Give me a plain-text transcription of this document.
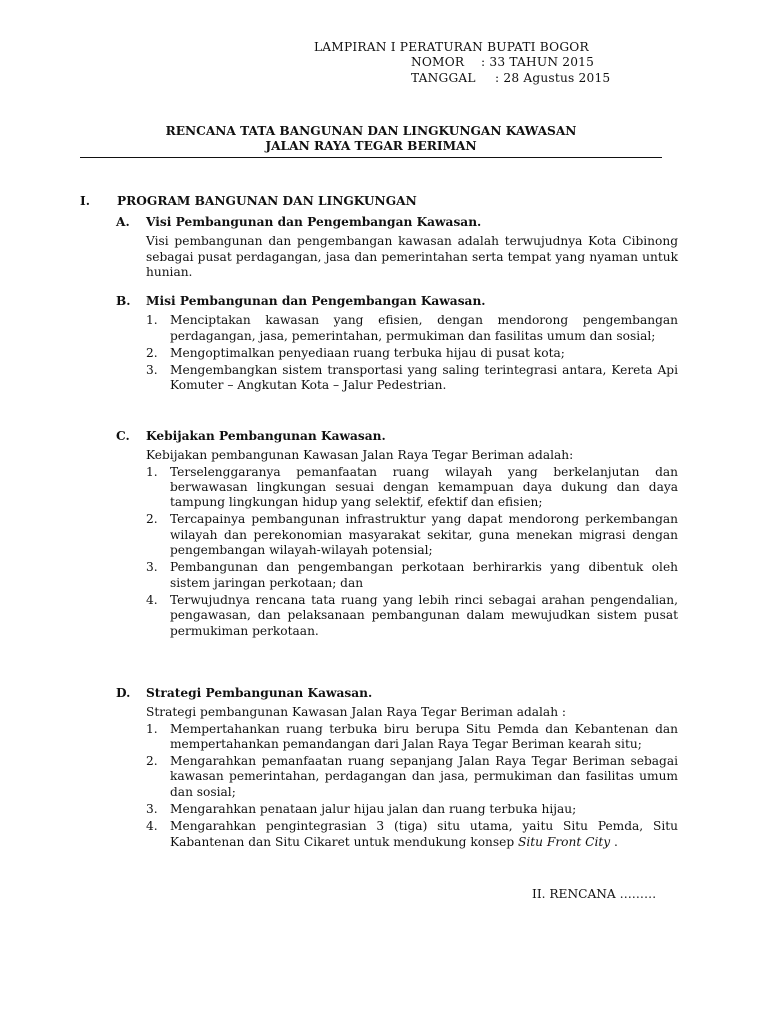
LAMPIRAN I PERATURAN BUPATI BOGOR
NOMOR : 33 TAHUN 2015
TANGGAL : 28 Agustus 2015
RENCANA TATA BANGUNAN DAN LINGKUNGAN KAWASAN
JALAN RAYA TEGAR BERIMAN
I. PROGRAM BANGUNAN DAN LINGKUNGAN
A.	Visi Pembangunan dan Pengembangan Kawasan.
Visi pembangunan dan pengembangan kawasan adalah terwujudnya Kota Cibinong sebagai pusat perdagangan, jasa dan pemerintahan serta tempat yang nyaman untuk hunian.
B.	Misi Pembangunan dan Pengembangan Kawasan.
1. Menciptakan kawasan yang efisien, dengan mendorong pengembangan perdagangan, jasa, pemerintahan, permukiman dan fasilitas umum dan sosial;
2. Mengoptimalkan penyediaan ruang terbuka hijau di pusat kota;
3. Mengembangkan sistem transportasi yang saling terintegrasi antara, Kereta Api Komuter – Angkutan Kota – Jalur Pedestrian.
C.	Kebijakan Pembangunan Kawasan.
Kebijakan pembangunan Kawasan Jalan Raya Tegar Beriman adalah:
1. Terselenggaranya pemanfaatan ruang wilayah yang berkelanjutan dan berwawasan lingkungan sesuai dengan kemampuan daya dukung dan daya tampung lingkungan hidup yang selektif, efektif dan efisien;
2. Tercapainya pembangunan infrastruktur yang dapat mendorong perkembangan wilayah dan perekonomian masyarakat sekitar, guna menekan migrasi dengan pengembangan wilayah-wilayah potensial;
3. Pembangunan dan pengembangan perkotaan berhirarkis yang dibentuk oleh sistem jaringan perkotaan; dan
4. Terwujudnya rencana tata ruang yang lebih rinci sebagai arahan pengendalian, pengawasan, dan pelaksanaan pembangunan dalam mewujudkan sistem pusat permukiman perkotaan.
D.	Strategi Pembangunan Kawasan.
Strategi pembangunan Kawasan Jalan Raya Tegar Beriman adalah :
1. Mempertahankan ruang terbuka biru berupa Situ Pemda dan Kebantenan dan mempertahankan pemandangan dari Jalan Raya Tegar Beriman kearah situ;
2. Mengarahkan pemanfaatan ruang sepanjang Jalan Raya Tegar Beriman sebagai kawasan pemerintahan, perdagangan dan jasa, permukiman dan fasilitas umum dan sosial;
3. Mengarahkan penataan jalur hijau jalan dan ruang terbuka hijau;
4. Mengarahkan pengintegrasian 3 (tiga) situ utama, yaitu Situ Pemda, Situ Kabantenan dan Situ Cikaret untuk mendukung konsep Situ Front City .
II. RENCANA ………
